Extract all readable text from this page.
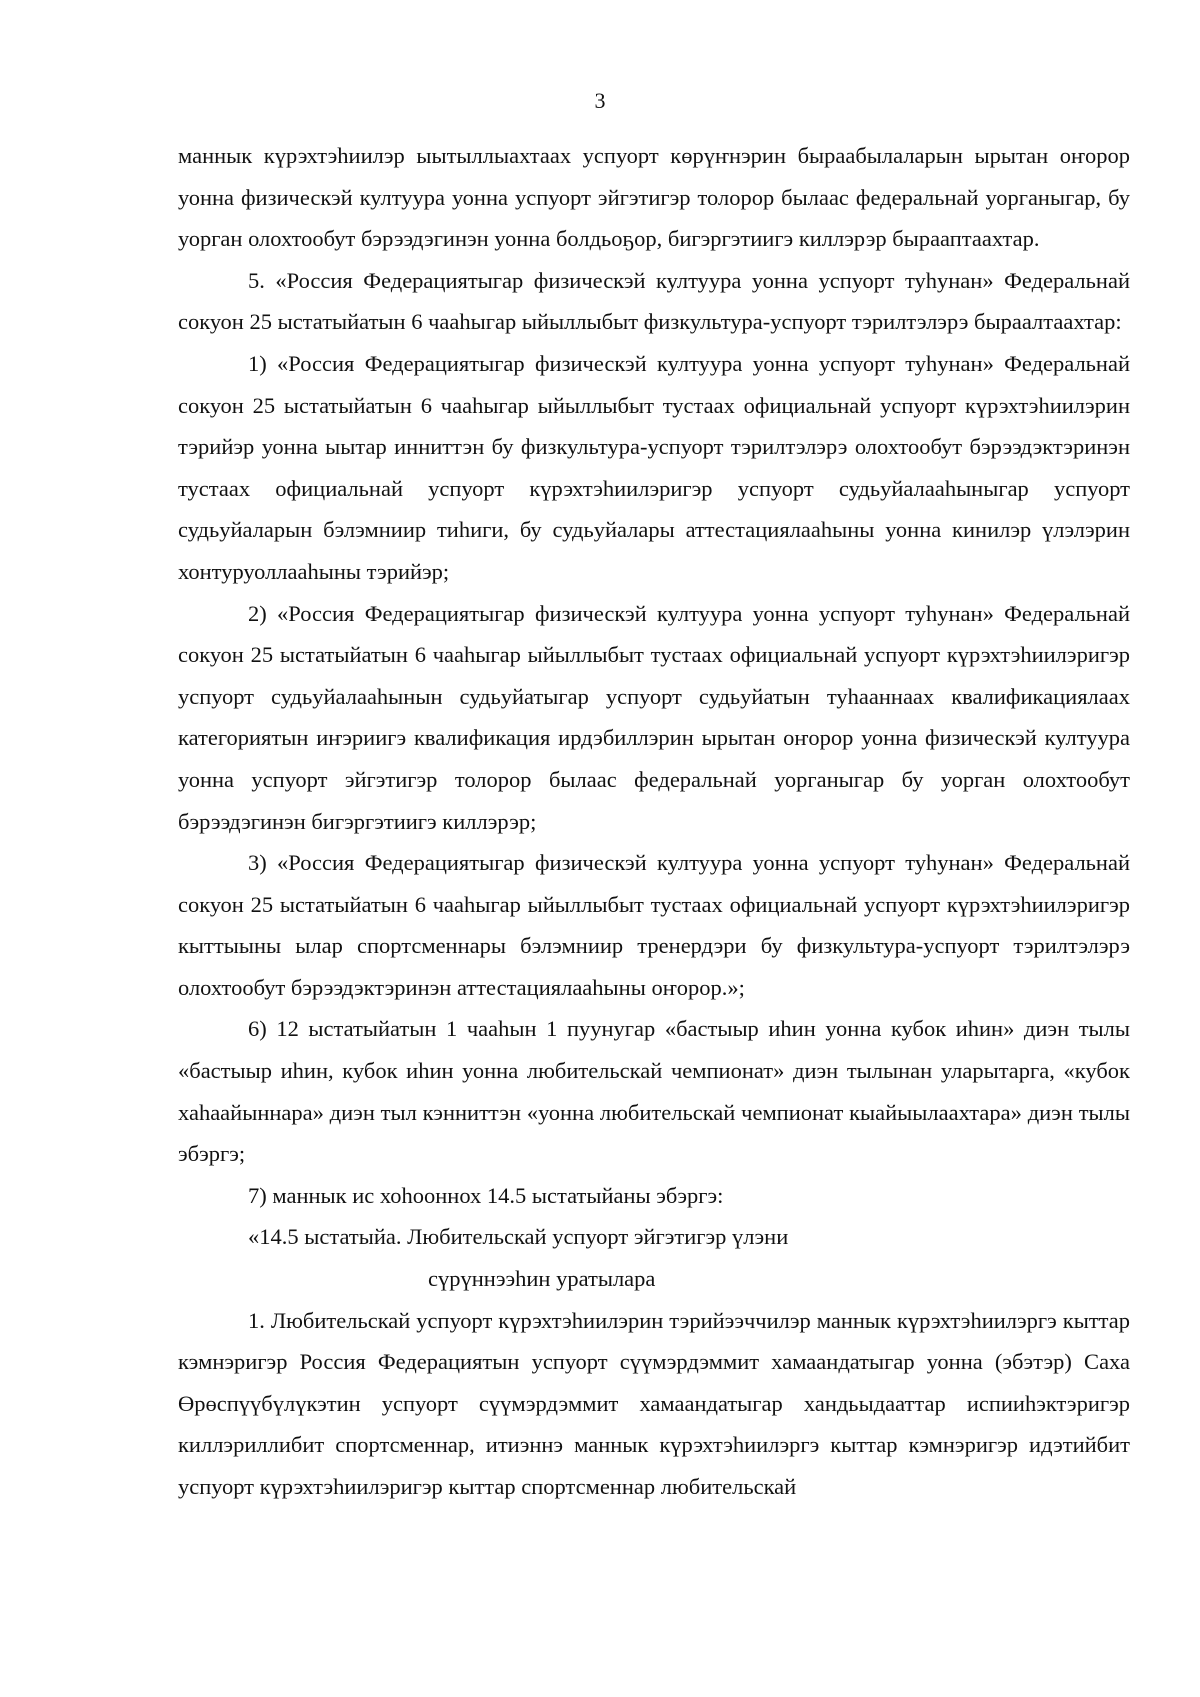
3

маннык күрэхтэһиилэр ыытыллыахтаах успуорт көрүҥнэрин быраабылаларын ырытан оҥорор уонна физическэй култуура уонна успуорт эйгэтигэр толорор былаас федеральнай уорганыгар, бу уорган олохтообут бэрээдэгинэн уонна болдьоҕор, бигэргэтиигэ киллэрэр бырааптаахтар.

5. «Россия Федерациятыгар физическэй култуура уонна успуорт туһунан» Федеральнай сокуон 25 ыстатыйатын 6 чааһыгар ыйыллыбыт физкультура-успуорт тэрилтэлэрэ быраалтаахтар:

1) «Россия Федерациятыгар физическэй култуура уонна успуорт туһунан» Федеральнай сокуон 25 ыстатыйатын 6 чааһыгар ыйыллыбыт тустаах официальнай успуорт күрэхтэһиилэрин тэрийэр уонна ыытар инниттэн бу физкультура-успуорт тэрилтэлэрэ олохтообут бэрээдэктэринэн тустаах официальнай успуорт күрэхтэһиилэригэр успуорт судьуйалааһыныгар успуорт судьуйаларын бэлэмниир тиһиги, бу судьуйалары аттестациялааһыны уонна кинилэр үлэлэрин хонтуруоллааһыны тэрийэр;

2) «Россия Федерациятыгар физическэй култуура уонна успуорт туһунан» Федеральнай сокуон 25 ыстатыйатын 6 чааһыгар ыйыллыбыт тустаах официальнай успуорт күрэхтэһиилэригэр успуорт судьуйалааһынын судьуйатыгар успуорт судьуйатын туһааннаах квалификациялаах категориятын иҥэриигэ квалификация ирдэбиллэрин ырытан оҥорор уонна физическэй култуура уонна успуорт эйгэтигэр толорор былаас федеральнай уорганыгар бу уорган олохтообут бэрээдэгинэн бигэргэтиигэ киллэрэр;

3) «Россия Федерациятыгар физическэй култуура уонна успуорт туһунан» Федеральнай сокуон 25 ыстатыйатын 6 чааһыгар ыйыллыбыт тустаах официальнай успуорт күрэхтэһиилэригэр кыттыыны ылар спортсменнары бэлэмниир тренердэри бу физкультура-успуорт тэрилтэлэрэ олохтообут бэрээдэктэринэн аттестациялааһыны оҥорор.»;

6) 12 ыстатыйатын 1 чааһын 1 пуунугар «бастыыр иһин уонна кубок иһин» диэн тылы «бастыыр иһин, кубок иһин уонна любительскай чемпионат» диэн тылынан уларытарга, «кубок хаһаайыннара» диэн тыл кэнниттэн «уонна любительскай чемпионат кыайыылаахтара» диэн тылы эбэргэ;

7) маннык ис хоһооннох 14.5 ыстатыйаны эбэргэ:

«14.5 ыстатыйа. Любительскай успуорт эйгэтигэр үлэни

сүрүннээһин уратылара

1. Любительскай успуорт күрэхтэһиилэрин тэрийээччилэр маннык күрэхтэһиилэргэ кыттар кэмнэригэр Россия Федерациятын успуорт сүүмэрдэммит хамаандатыгар уонна (эбэтэр) Саха Өрөспүүбүлүкэтин успуорт сүүмэрдэммит хамаандатыгар хандьыдааттар испииһэктэригэр киллэриллибит спортсменнар, итиэннэ маннык күрэхтэһиилэргэ кыттар кэмнэригэр идэтийбит успуорт күрэхтэһиилэригэр кыттар спортсменнар любительскай
